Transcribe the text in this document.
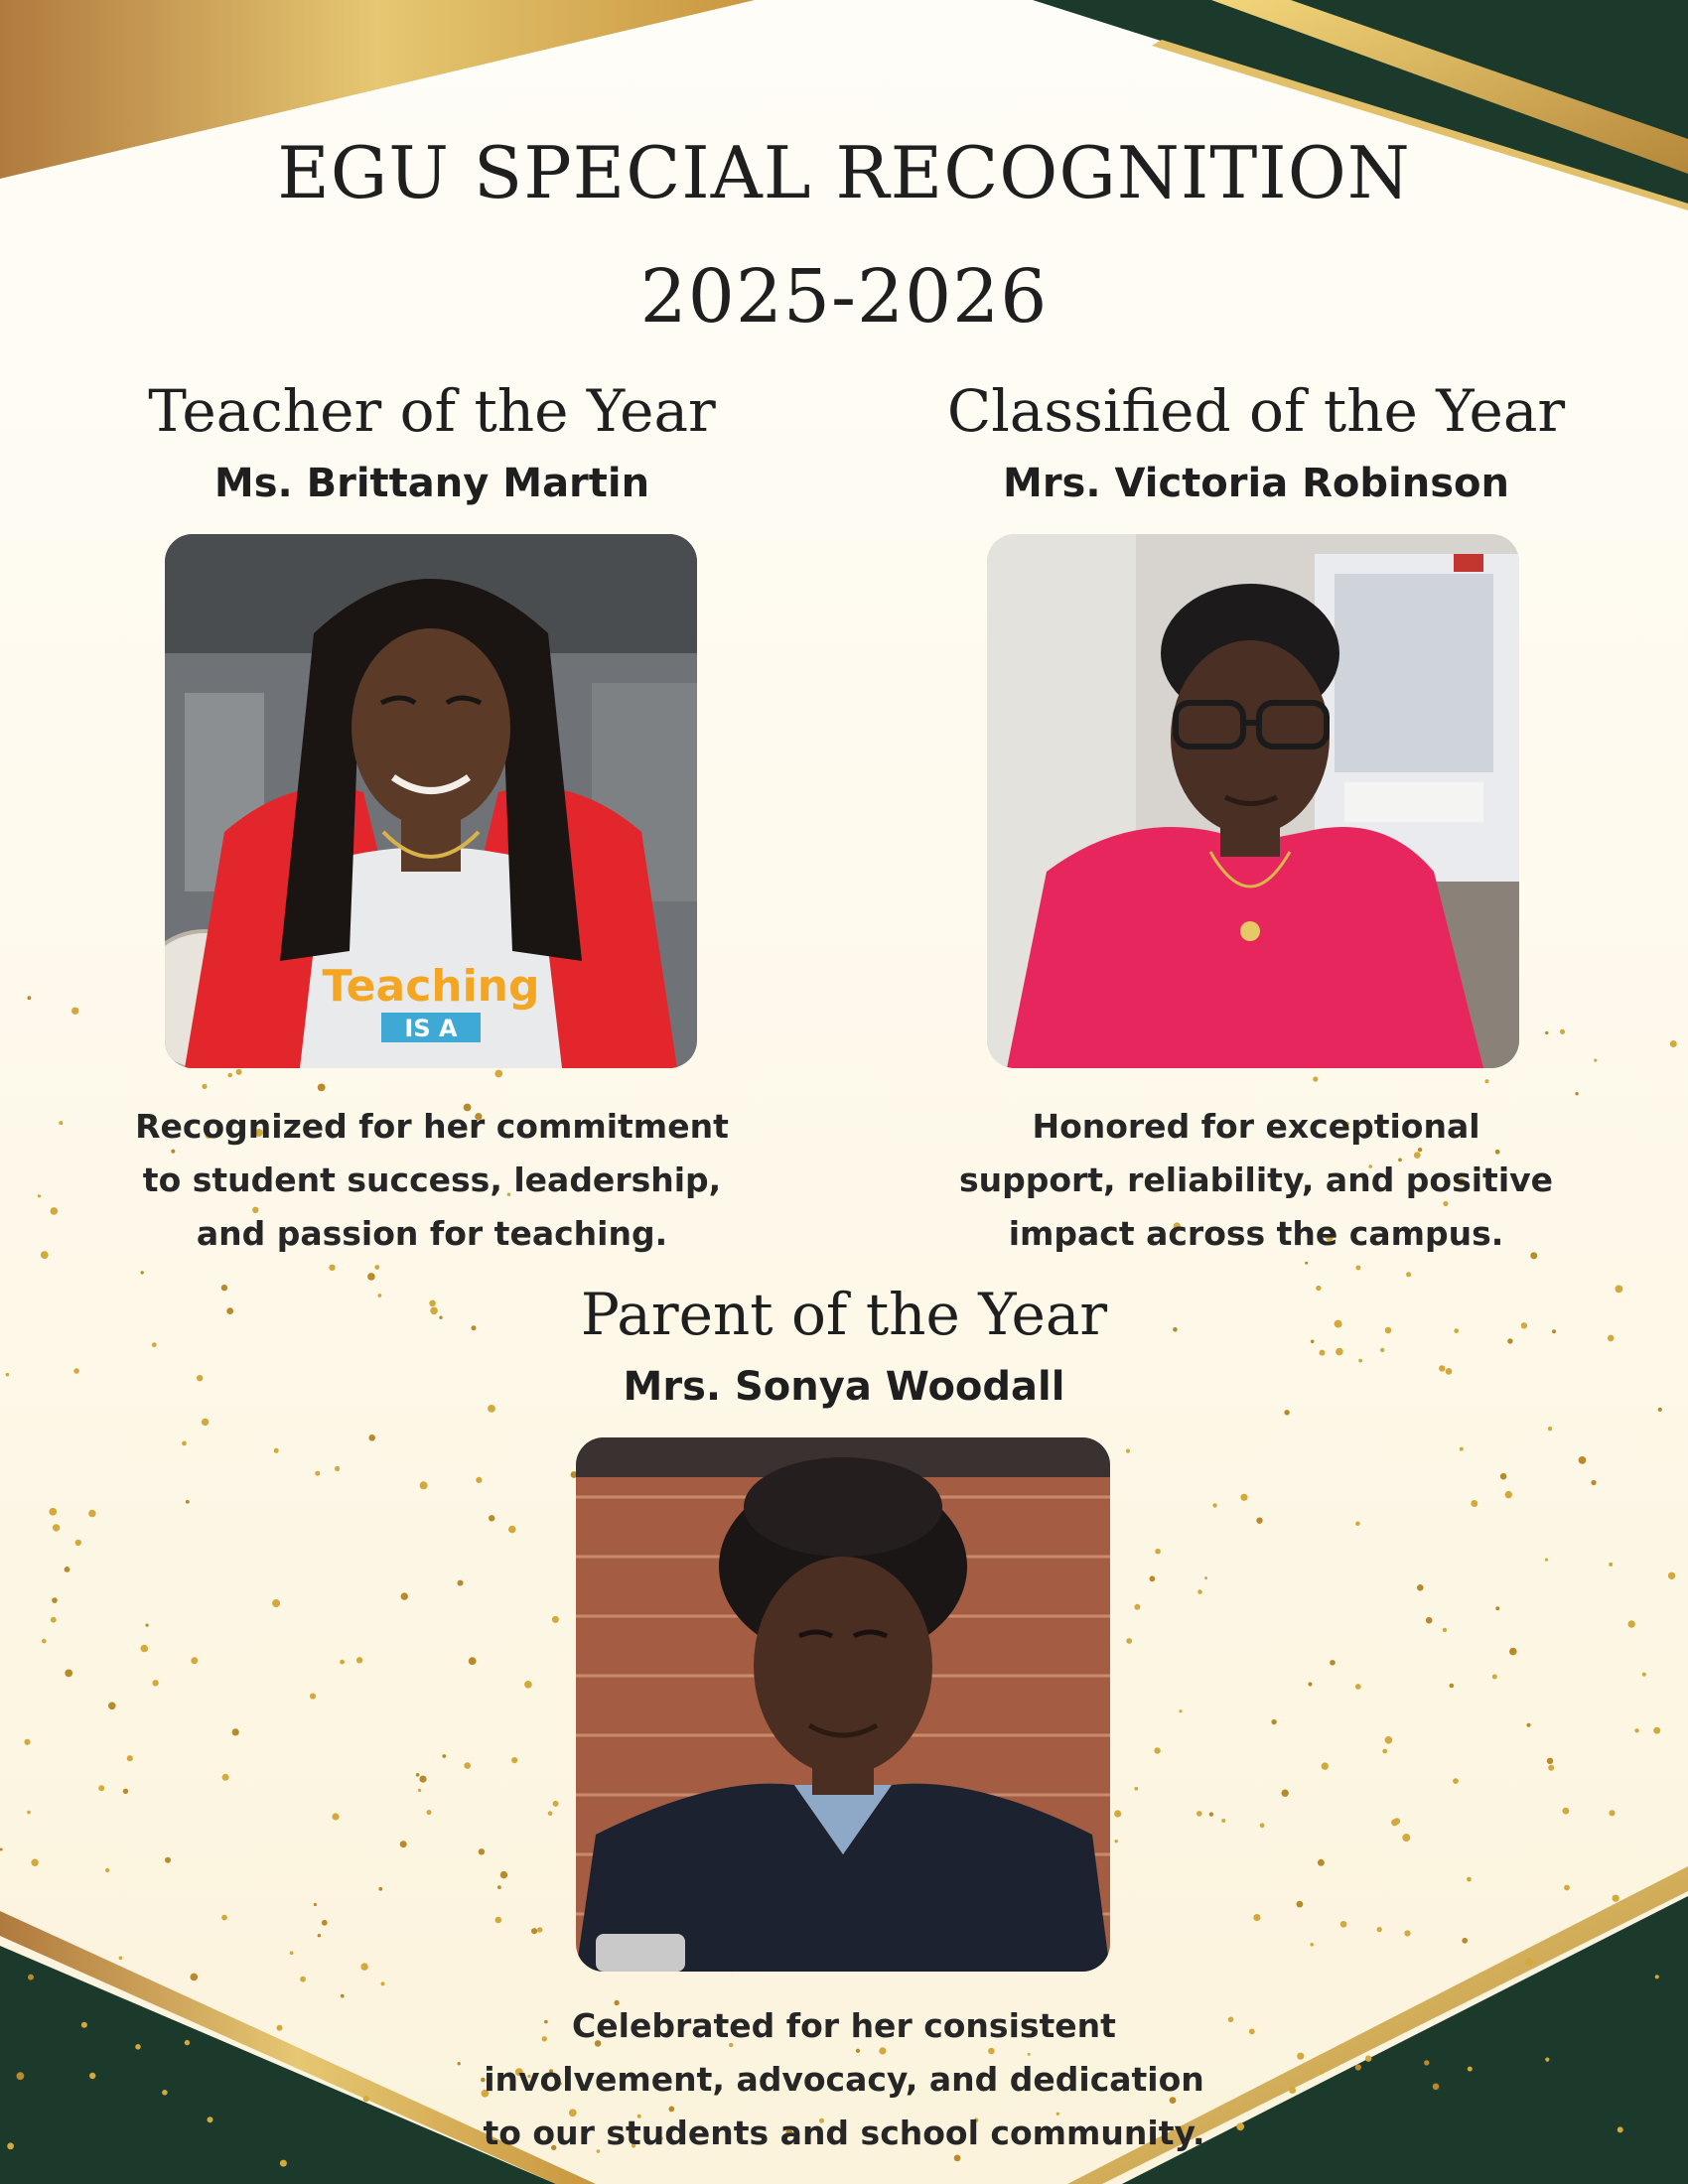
EGU SPECIAL RECOGNITION
2025-2026
Teacher of the Year

Ms. Brittany Martin

Teaching
IS A

Recognized for her commitment
to student success, leadership,
and passion for teaching.

Classified of the Year

Mrs. Victoria Robinson

Honored for exceptional
support, reliability, and positive
impact across the campus.

Parent of the Year

Mrs. Sonya Woodall

Celebrated for her consistent
involvement, advocacy, and dedication
to our students and school community.
